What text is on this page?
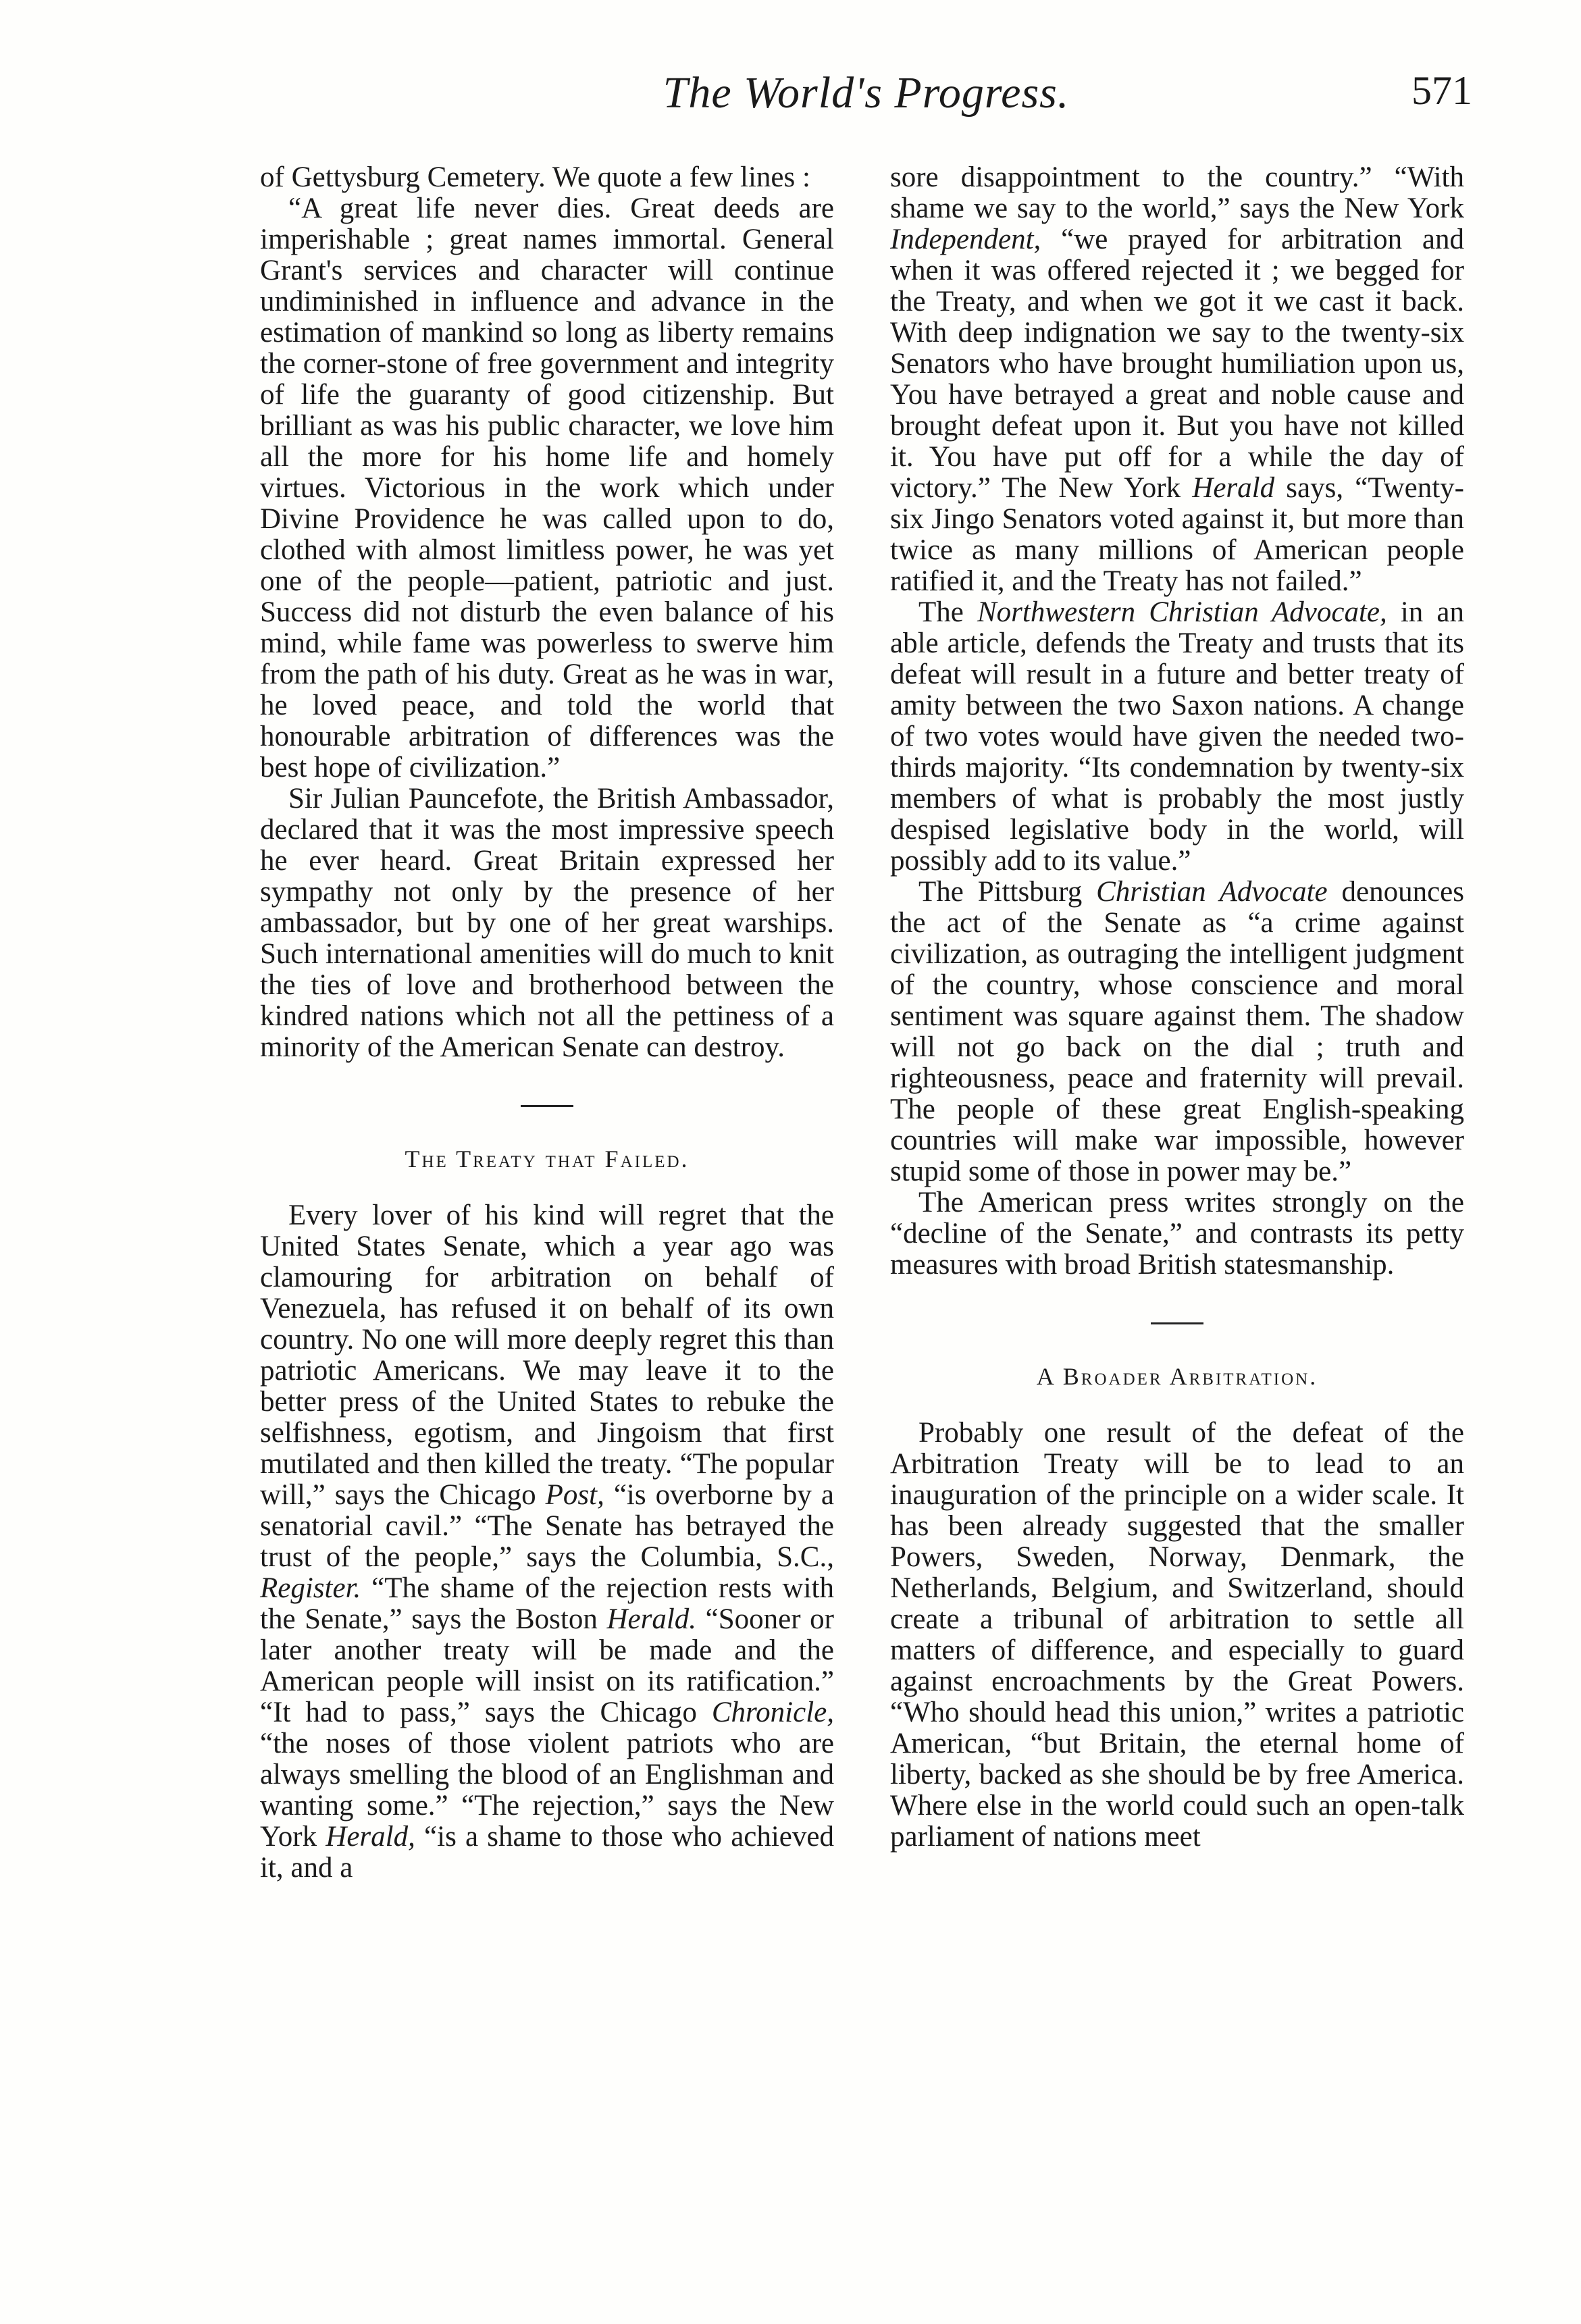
The World's Progress.	571

of Gettysburg Cemetery. We quote a few lines :

“A great life never dies. Great deeds are imperishable ; great names immortal. General Grant's services and character will continue undiminished in influence and advance in the estimation of mankind so long as liberty remains the corner-stone of free government and integrity of life the guaranty of good citizenship. But brilliant as was his public character, we love him all the more for his home life and homely virtues. Victorious in the work which under Divine Providence he was called upon to do, clothed with almost limitless power, he was yet one of the people—patient, patriotic and just. Success did not disturb the even balance of his mind, while fame was powerless to swerve him from the path of his duty. Great as he was in war, he loved peace, and told the world that honourable arbitration of differences was the best hope of civilization.”

Sir Julian Pauncefote, the British Ambassador, declared that it was the most impressive speech he ever heard. Great Britain expressed her sympathy not only by the presence of her ambassador, but by one of her great warships. Such international amenities will do much to knit the ties of love and brotherhood between the kindred nations which not all the pettiness of a minority of the American Senate can destroy.

The Treaty that Failed.

Every lover of his kind will regret that the United States Senate, which a year ago was clamouring for arbitration on behalf of Venezuela, has refused it on behalf of its own country. No one will more deeply regret this than patriotic Americans. We may leave it to the better press of the United States to rebuke the selfishness, egotism, and Jingoism that first mutilated and then killed the treaty. “The popular will,” says the Chicago Post, “is overborne by a senatorial cavil.” “The Senate has betrayed the trust of the people,” says the Columbia, S.C., Register. “The shame of the rejection rests with the Senate,” says the Boston Herald. “Sooner or later another treaty will be made and the American people will insist on its ratification.” “It had to pass,” says the Chicago Chronicle, “the noses of those violent patriots who are always smelling the blood of an Englishman and wanting some.” “The rejection,” says the New York Herald, “is a shame to those who achieved it, and a

sore disappointment to the country.” “With shame we say to the world,” says the New York Independent, “we prayed for arbitration and when it was offered rejected it ; we begged for the Treaty, and when we got it we cast it back. With deep indignation we say to the twenty-six Senators who have brought humiliation upon us, You have betrayed a great and noble cause and brought defeat upon it. But you have not killed it. You have put off for a while the day of victory.” The New York Herald says, “Twenty-six Jingo Senators voted against it, but more than twice as many millions of American people ratified it, and the Treaty has not failed.”

The Northwestern Christian Advocate, in an able article, defends the Treaty and trusts that its defeat will result in a future and better treaty of amity between the two Saxon nations. A change of two votes would have given the needed two-thirds majority. “Its condemnation by twenty-six members of what is probably the most justly despised legislative body in the world, will possibly add to its value.”

The Pittsburg Christian Advocate denounces the act of the Senate as “a crime against civilization, as outraging the intelligent judgment of the country, whose conscience and moral sentiment was square against them. The shadow will not go back on the dial ; truth and righteousness, peace and fraternity will prevail. The people of these great English-speaking countries will make war impossible, however stupid some of those in power may be.”

The American press writes strongly on the “decline of the Senate,” and contrasts its petty measures with broad British statesmanship.

A Broader Arbitration.

Probably one result of the defeat of the Arbitration Treaty will be to lead to an inauguration of the principle on a wider scale. It has been already suggested that the smaller Powers, Sweden, Norway, Denmark, the Netherlands, Belgium, and Switzerland, should create a tribunal of arbitration to settle all matters of difference, and especially to guard against encroachments by the Great Powers. “Who should head this union,” writes a patriotic American, “but Britain, the eternal home of liberty, backed as she should be by free America. Where else in the world could such an open-talk parliament of nations meet
